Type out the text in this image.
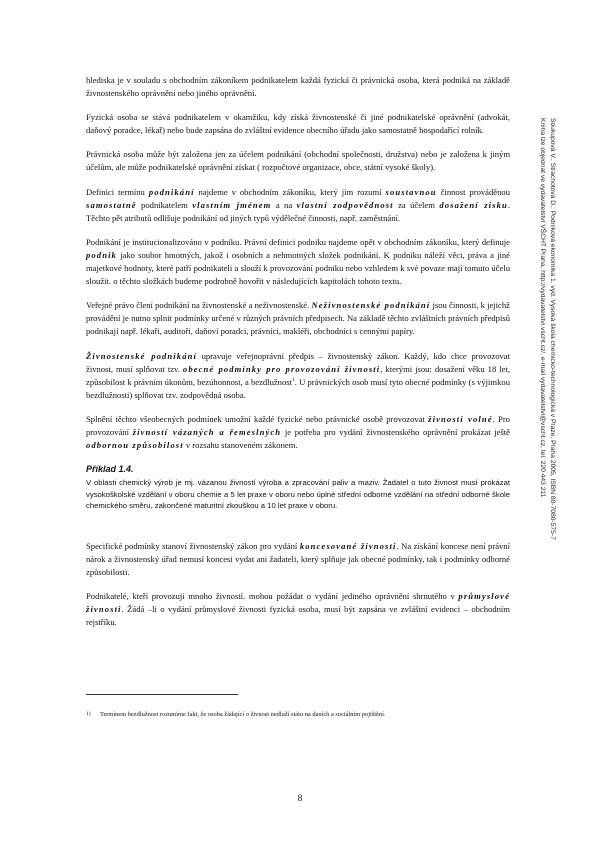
hlediska je v souladu s obchodním zákoníkem podnikatelem každá fyzická či právnická osoba, která podniká na základě živnostenského oprávnění nebo jiného oprávnění.

Fyzická osoba se stává podnikatelem v okamžiku, kdy získá živnostenské či jiné podnikatelské oprávnění (advokát, daňový poradce, lékař) nebo bude zapsána do zvláštní evidence obecního úřadu jako samostatně hospodařící rolník.

Právnická osoba může být založena jen za účelem podnikání (obchodní společnosti, družstva) nebo je založena k jiným účelům, ale může podnikatelské oprávnění získat ( rozpočtové organizace, obce, státní vysoké školy).

Definici termínu podnikání najdeme v obchodním zákoníku, který jím rozumí soustavnou činnost prováděnou samostatně podnikatelem vlastním jménem a na vlastní zodpovědnost za účelem dosažení zisku. Těchto pět atributů odlišuje podnikání od jiných typů výdělečné činnosti, např. zaměstnání.

Podnikání je institucionalizováno v podniku. Právní definici podniku najdeme opět v obchodním zákoníku, který definuje podnik jako soubor hmotných, jakož i osobních a nehmotných složek podnikání. K podniku náleží věci, práva a jiné majetkové hodnoty, které patří podnikateli a slouží k provozování podniku nebo vzhledem k své povaze mají tomuto účelu sloužit. o těchto složkách budeme podrobně hovořit v následujících kapitolách tohoto textu.

Veřejné právo člení podnikání na živnostenské a neživnostenské. Neživnostenské podnikání jsou činnosti, k jejichž provádění je nutno splnit podmínky určené v různých právních předpisech. Na základě těchto zvláštních právních předpisů podnikají např. lékaři, auditoři, daňoví poradci, právníci, makléři, obchodníci s cennými papíry.

Živnostenské podnikání upravuje veřejnoprávní předpis – živnostenský zákon. Každý, kdo chce provozovat živnost, musí splňovat tzv. obecné podmínky pro provozování živnosti, kterými jsou: dosažení věku 18 let, způsobilost k právním úkonům, bezúhonnost, a bezdlužnost$^1$. U právnických osob musí tyto obecné podmínky (s výjimkou bezdlužnosti) splňovat tzv. zodpovědná osoba.

Splnění těchto všeobecných podmínek umožní každé fyzické nebo právnické osobě provozovat živnosti volné. Pro provozování živností vázaných a řemeslných je potřeba pro vydání živnostenského oprávnění prokázat ještě odbornou způsobilost v rozsahu stanoveném zákonem.

Příklad 1.4.

V oblasti chemický výrob je mj. vázanou živností výroba a zpracování paliv a maziv. Žadatel o tuto živnost musí prokázat vysokoškolské vzdělání v oboru chemie a 5 let praxe v oboru nebo úplné střední odborné vzdělání na střední odborné škole chemického směru, zakončené maturitní zkouškou a 10 let praxe v oboru.

Specifické podmínky stanoví živnostenský zákon pro vydání koncesované živnosti. Na získání koncese není právní nárok a živnostenský úřad nemusí koncesi vydat ani žadateli, který splňuje jak obecné podmínky, tak i podmínky odborné způsobilosti.

Podnikatelé, kteří provozují mnoho živností. mohou požádat o vydání jediného oprávnění shrnutého v průmyslové živnosti. Žádá –li o vydání průmyslové živnosti fyzická osoba, musí být zapsána ve zvláštní evidenci – obchodním rejstříku.

1) Termínem bezdlužnost rozumíme fakt, že osoba žádající o živnost nedluží státu na daních a sociálním pojištění.
8
Soukupová V., Strachotová D.: Podniková ekonomika 1. vyd. Vysoká škola chemicko-technologická v Praze, Praha 2005, ISBN 80-7080-575-7
Kniha lze objednat ve vydavatelství VŠCHT Praha, http://vydavatelstvi.vscht.cz/, e-mail vydavatelstvi@vscht.cz, tel. 220 443 211
